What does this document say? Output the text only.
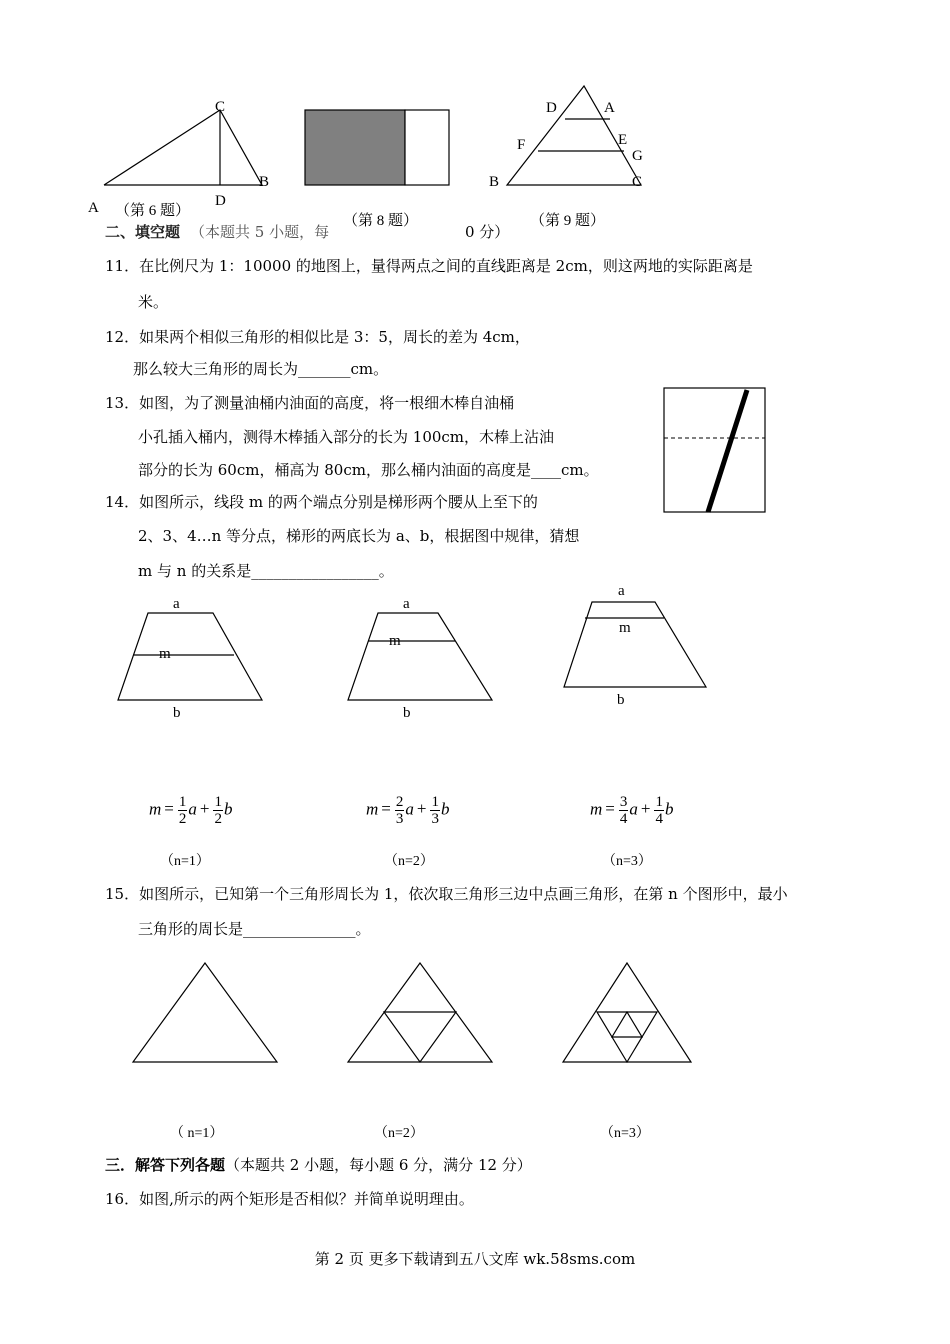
C
B
D
A （第 6 题）
（第 8 题）
D	A
F	E
G
B	C
（第 9 题）
二、填空题 （本题共 5 小题，每	0 分）
11．在比例尺为 1：10000 的地图上，量得两点之间的直线距离是 2cm，则这两地的实际距离是
米。
12．如果两个相似三角形的相似比是 3：5，周长的差为 4cm，
那么较大三角形的周长为_______cm。
13．如图，为了测量油桶内油面的高度，将一根细木棒自油桶
小孔插入桶内，测得木棒插入部分的长为 100cm，木棒上沾油
部分的长为 60cm，桶高为 80cm，那么桶内油面的高度是____cm。
14．如图所示，线段 m 的两个端点分别是梯形两个腰从上至下的
2、3、4…n 等分点，梯形的两底长为 a、b，根据图中规律，猜想
m 与 n 的关系是_________________。
a
m
b
a
m
b
a
m
b
$m = \frac{1}{2}$ $a + \frac{1}{2}$ b	$m = \frac{2}{3}$ $a + \frac{1}{3}$ b	$m = \frac{3}{4}$ $a + \frac{1}{4}$ b
（n=1）	（n=2）	（n=3）
15．如图所示，已知第一个三角形周长为 1，依次取三角形三边中点画三角形，在第 n 个图形中，最小
三角形的周长是_______________。
（ n=1）	（n=2）	（n=3）
三．解答下列各题（本题共 2 小题，每小题 6 分，满分 12 分）
16．如图,所示的两个矩形是否相似？并简单说明理由。
第 2 页 更多下载请到五八文库 wk.58sms.com
